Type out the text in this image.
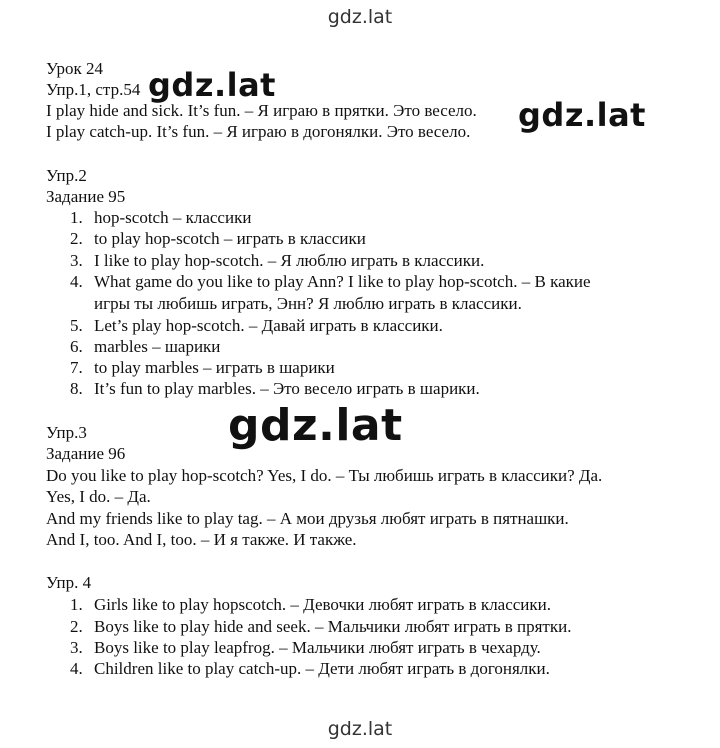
gdz.lat
Урок 24
Упр.1, стр.54
I play hide and sick. It’s fun. – Я играю в прятки. Это весело.
I play catch-up. It’s fun. – Я играю в догонялки. Это весело.
Упр.2
Задание 95
1. hop-scotch – классики
2. to play hop-scotch – играть в классики
3. I like to play hop-scotch. – Я люблю играть в классики.
4. What game do you like to play Ann? I like to play hop-scotch. – В какие
игры ты любишь играть, Энн? Я люблю играть в классики.
5. Let’s play hop-scotch. – Давай играть в классики.
6. marbles – шарики
7. to play marbles – играть в шарики
8. It’s fun to play marbles. – Это весело играть в шарики.
Упр.3
Задание 96
Do you like to play hop-scotch? Yes, I do. – Ты любишь играть в классики? Да.
Yes, I do. – Да.
And my friends like to play tag. – А мои друзья любят играть в пятнашки.
And I, too. And I, too. – И я также. И также.
Упр. 4
1. Girls like to play hopscotch. – Девочки любят играть в классики.
2. Boys like to play hide and seek. – Мальчики любят играть в прятки.
3. Boys like to play leapfrog. – Мальчики любят играть в чехарду.
4. Children like to play catch-up. – Дети любят играть в догонялки.
gdz.lat
gdz.lat
gdz.lat
gdz.lat
